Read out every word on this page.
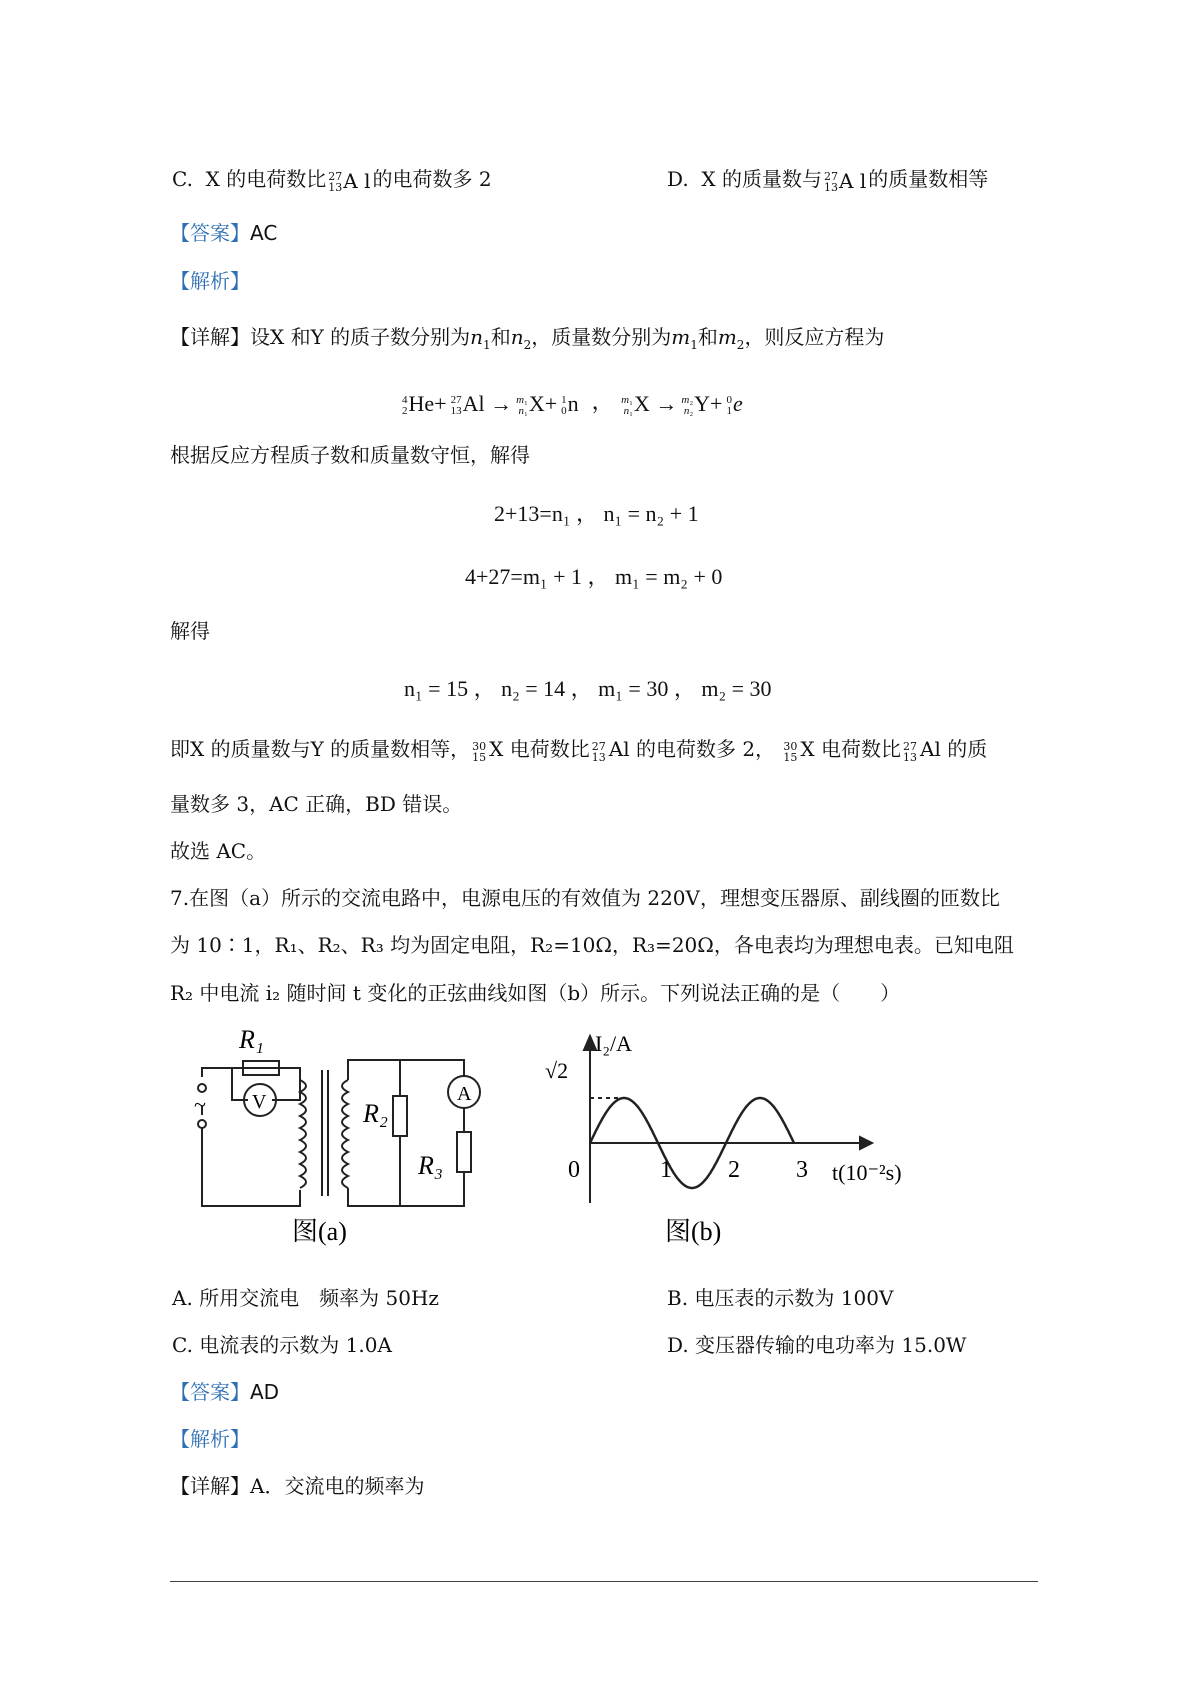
C. X 的电荷数比 27
13 A l 的电荷数多 2	D. X 的质量数与 27
13 A l 的质量数相等
【答案】AC
【解析】
【详解】设X 和Y 的质子数分别为$n_1$和$n_2$，质量数分别为$m_1$和$m_2$，则反应方程为
4
2 He+ 27
13 Al → m₁
n₁ X+ 1
0 n  ， m₁
n₁ X → m₂
n₂ Y+ 0
1 e
根据反应方程质子数和质量数守恒，解得
2+13=n₁ ， n₁ = n₂ + 1
4+27=m₁ + 1 ， m₁ = m₂ + 0
解得
n₁ = 15 ， n₂ = 14 ， m₁ = 30 ， m₂ = 30
即X 的质量数与Y 的质量数相等， 30
15 X 电荷数比 27
13 Al 的电荷数多 2， 30
15 X 电荷数比 27
13 Al 的质
量数多 3，AC 正确，BD 错误。
故选 AC。
7.在图（a）所示的交流电路中，电源电压的有效值为 220V，理想变压器原、副线圈的匝数比
为 10∶1，R₁、R₂、R₃ 均为固定电阻，R₂=10Ω，R₃=20Ω，各电表均为理想电表。已知电阻
R₂ 中电流 i₂ 随时间 t 变化的正弦曲线如图（b）所示。下列说法正确的是（　　）
R₁
V	A
R₂
R₃
~
图(a)
0	1 2 3
I₂/A
√2
t(10⁻²s)
图(b)
A. 所用交流电　频率为 50Hz	B. 电压表的示数为 100V
C. 电流表的示数为 1.0A	D. 变压器传输的电功率为 15.0W
【答案】AD
【解析】
【详解】A．交流电的频率为
